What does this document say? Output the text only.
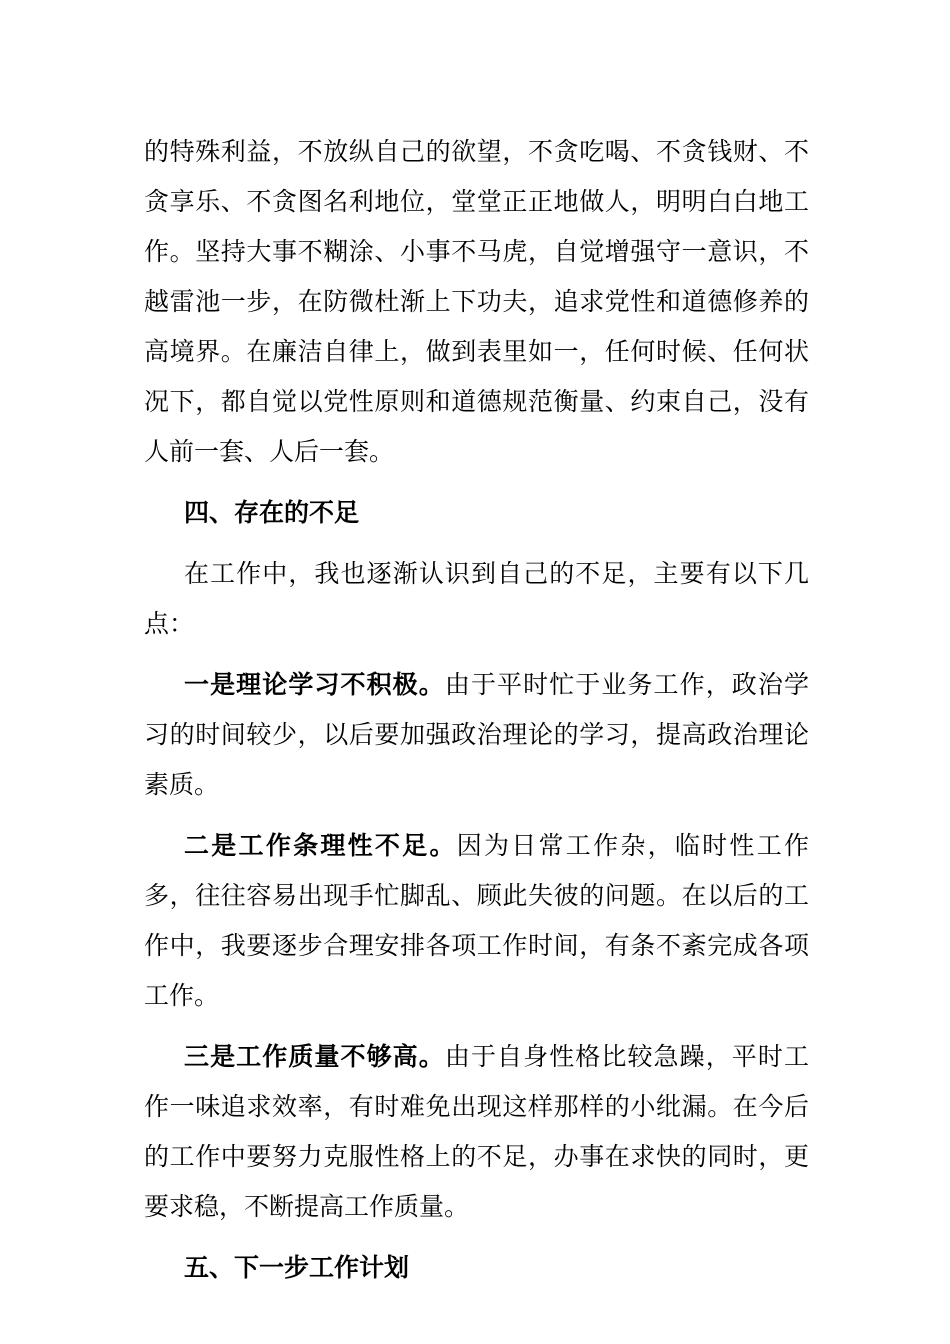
的特殊利益，不放纵自己的欲望，不贪吃喝、不贪钱财、不贪享乐、不贪图名利地位，堂堂正正地做人，明明白白地工作。坚持大事不糊涂、小事不马虎，自觉增强守一意识，不越雷池一步，在防微杜渐上下功夫，追求党性和道德修养的高境界。在廉洁自律上，做到表里如一，任何时候、任何状况下，都自觉以党性原则和道德规范衡量、约束自己，没有人前一套、人后一套。

四、存在的不足

在工作中，我也逐渐认识到自己的不足，主要有以下几点：

一是理论学习不积极。由于平时忙于业务工作，政治学习的时间较少，以后要加强政治理论的学习，提高政治理论素质。

二是工作条理性不足。因为日常工作杂，临时性工作多，往往容易出现手忙脚乱、顾此失彼的问题。在以后的工作中，我要逐步合理安排各项工作时间，有条不紊完成各项工作。

三是工作质量不够高。由于自身性格比较急躁，平时工作一味追求效率，有时难免出现这样那样的小纰漏。在今后的工作中要努力克服性格上的不足，办事在求快的同时，更要求稳，不断提高工作质量。

五、下一步工作计划
